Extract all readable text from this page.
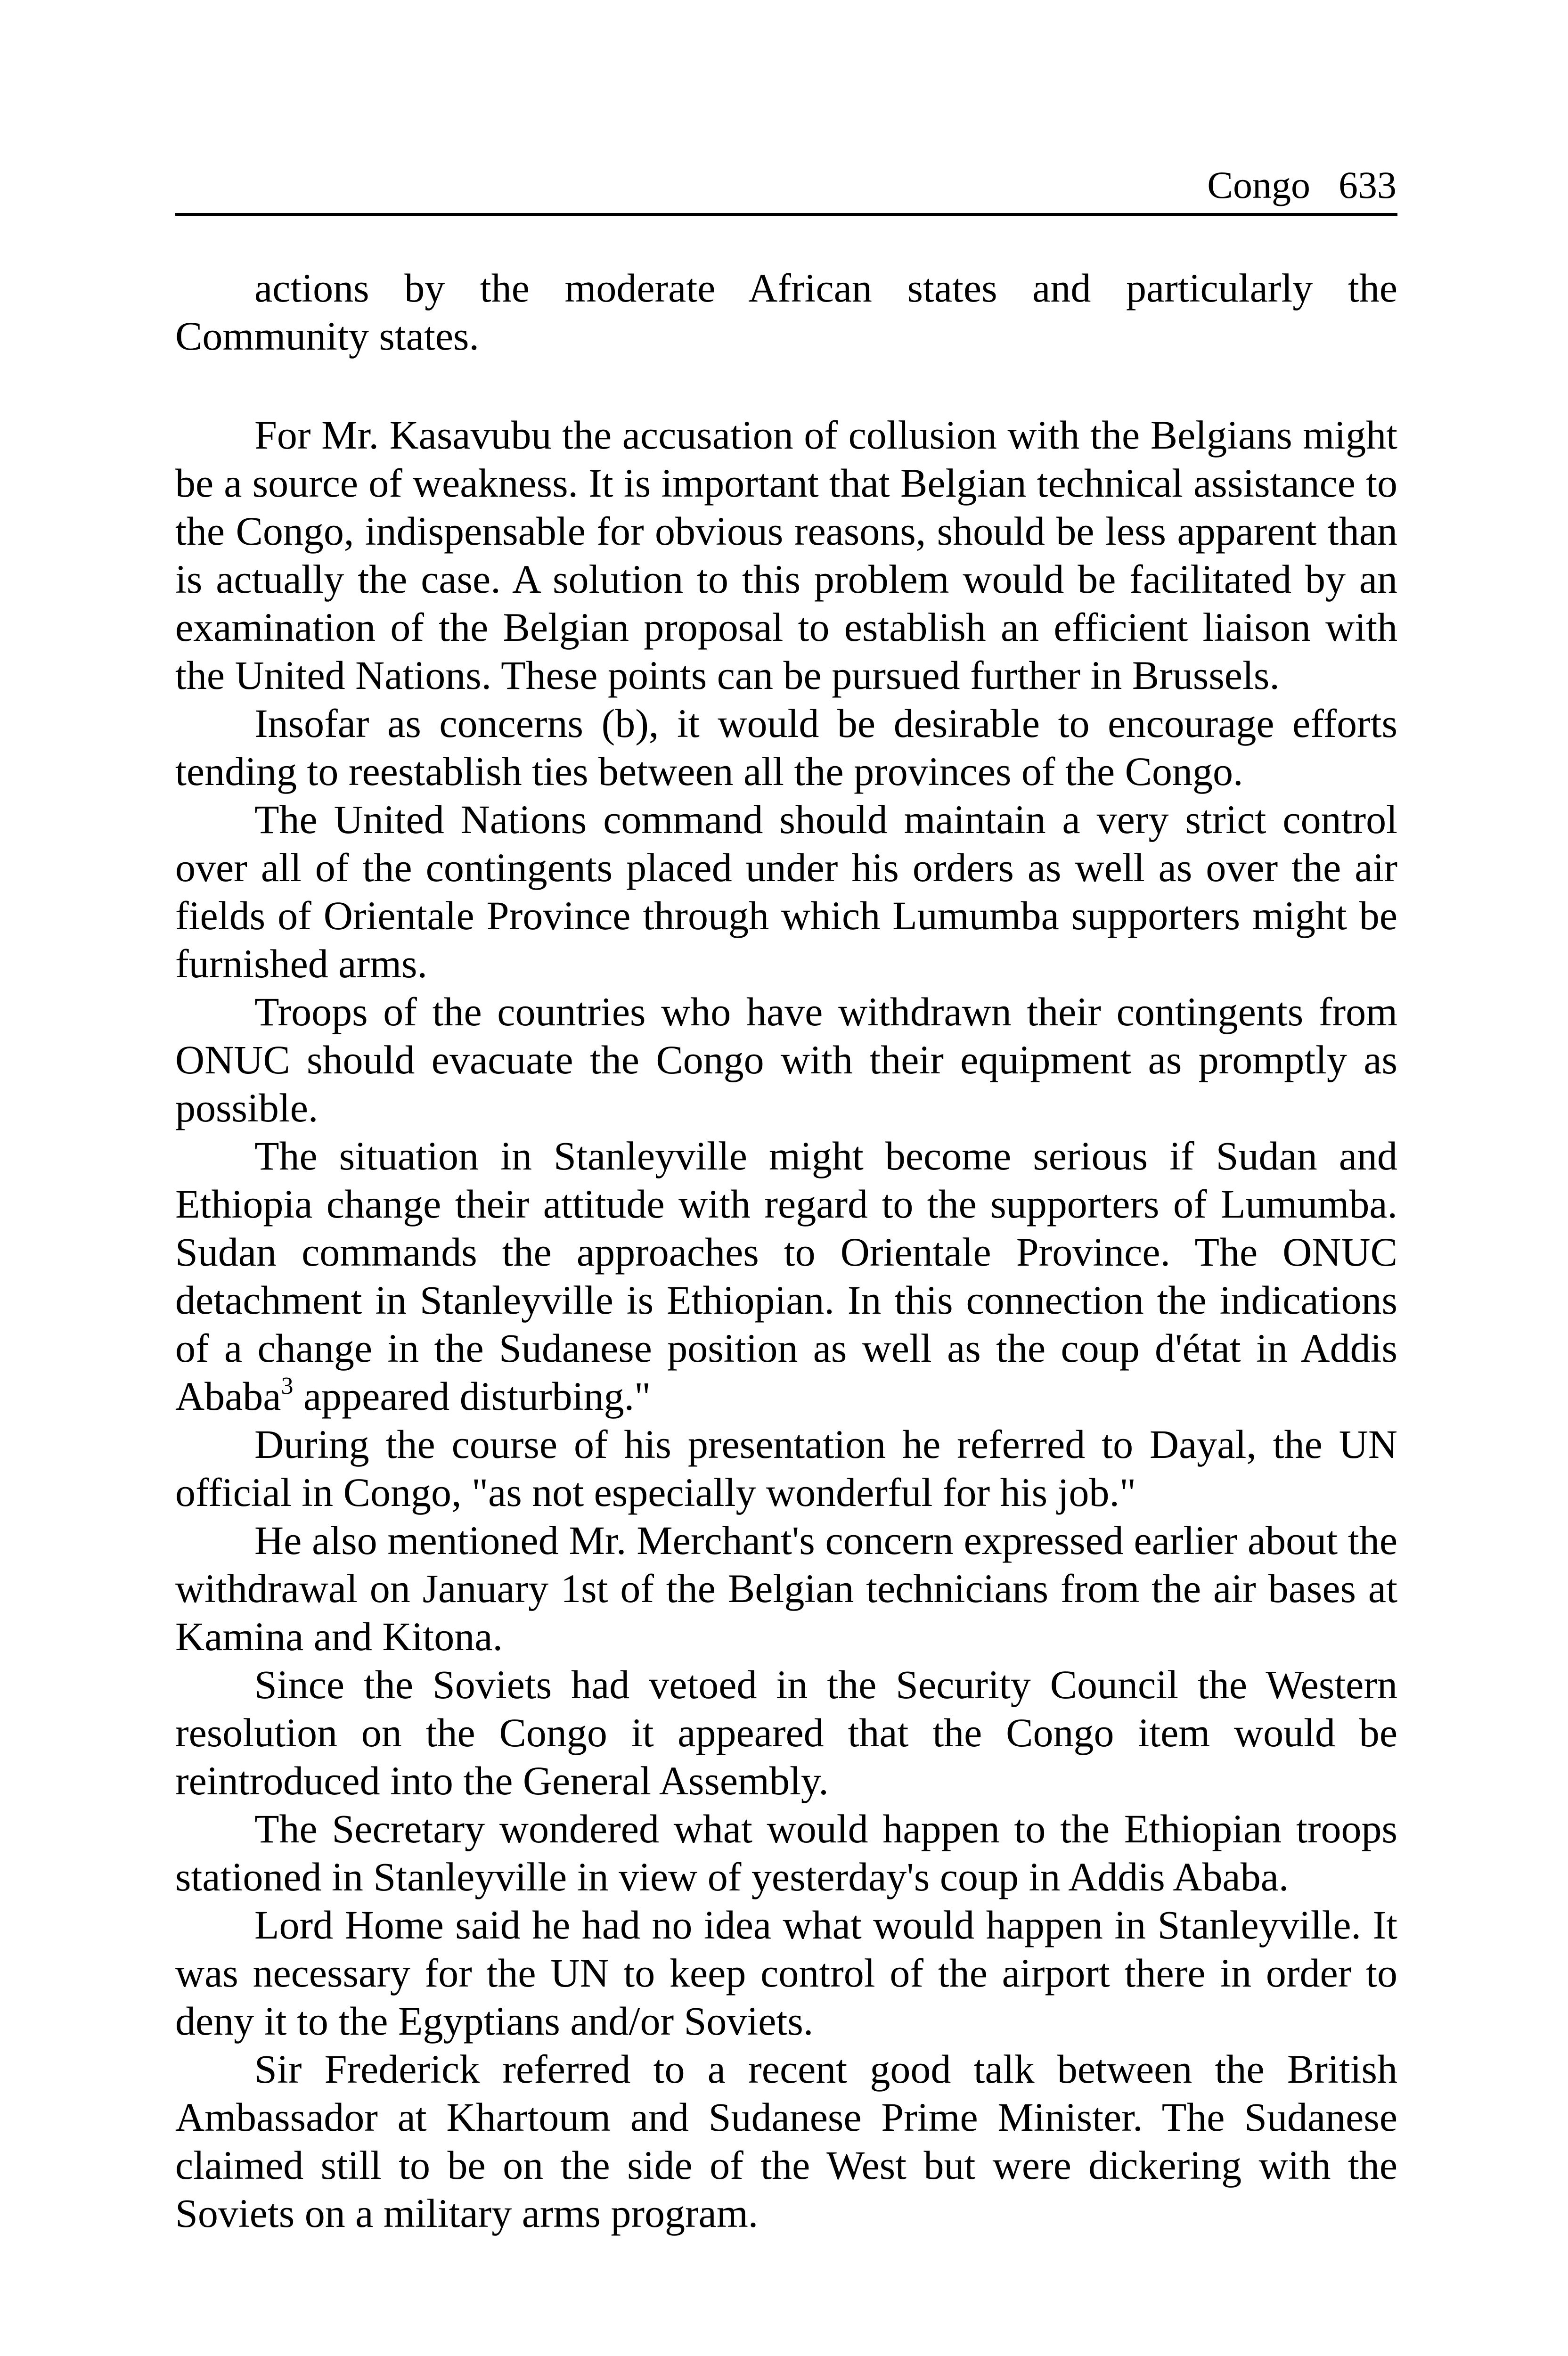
Congo 633

actions by the moderate African states and particularly the Community states.

For Mr. Kasavubu the accusation of collusion with the Belgians might be a source of weakness. It is important that Belgian technical assistance to the Congo, indispensable for obvious reasons, should be less apparent than is actually the case. A solution to this problem would be facilitated by an examination of the Belgian proposal to establish an efficient liaison with the United Nations. These points can be pursued further in Brussels.

Insofar as concerns (b), it would be desirable to encourage efforts tending to reestablish ties between all the provinces of the Congo.

The United Nations command should maintain a very strict control over all of the contingents placed under his orders as well as over the air fields of Orientale Province through which Lumumba supporters might be furnished arms.

Troops of the countries who have withdrawn their contingents from ONUC should evacuate the Congo with their equipment as promptly as possible.

The situation in Stanleyville might become serious if Sudan and Ethiopia change their attitude with regard to the supporters of Lumumba. Sudan commands the approaches to Orientale Province. The ONUC detachment in Stanleyville is Ethiopian. In this connection the indications of a change in the Sudanese position as well as the coup d'état in Addis Ababa$^3$ appeared disturbing."

During the course of his presentation he referred to Dayal, the UN official in Congo, "as not especially wonderful for his job."

He also mentioned Mr. Merchant's concern expressed earlier about the withdrawal on January 1st of the Belgian technicians from the air bases at Kamina and Kitona.

Since the Soviets had vetoed in the Security Council the Western resolution on the Congo it appeared that the Congo item would be reintroduced into the General Assembly.

The Secretary wondered what would happen to the Ethiopian troops stationed in Stanleyville in view of yesterday's coup in Addis Ababa.

Lord Home said he had no idea what would happen in Stanleyville. It was necessary for the UN to keep control of the airport there in order to deny it to the Egyptians and/or Soviets.

Sir Frederick referred to a recent good talk between the British Ambassador at Khartoum and Sudanese Prime Minister. The Sudanese claimed still to be on the side of the West but were dickering with the Soviets on a military arms program.
